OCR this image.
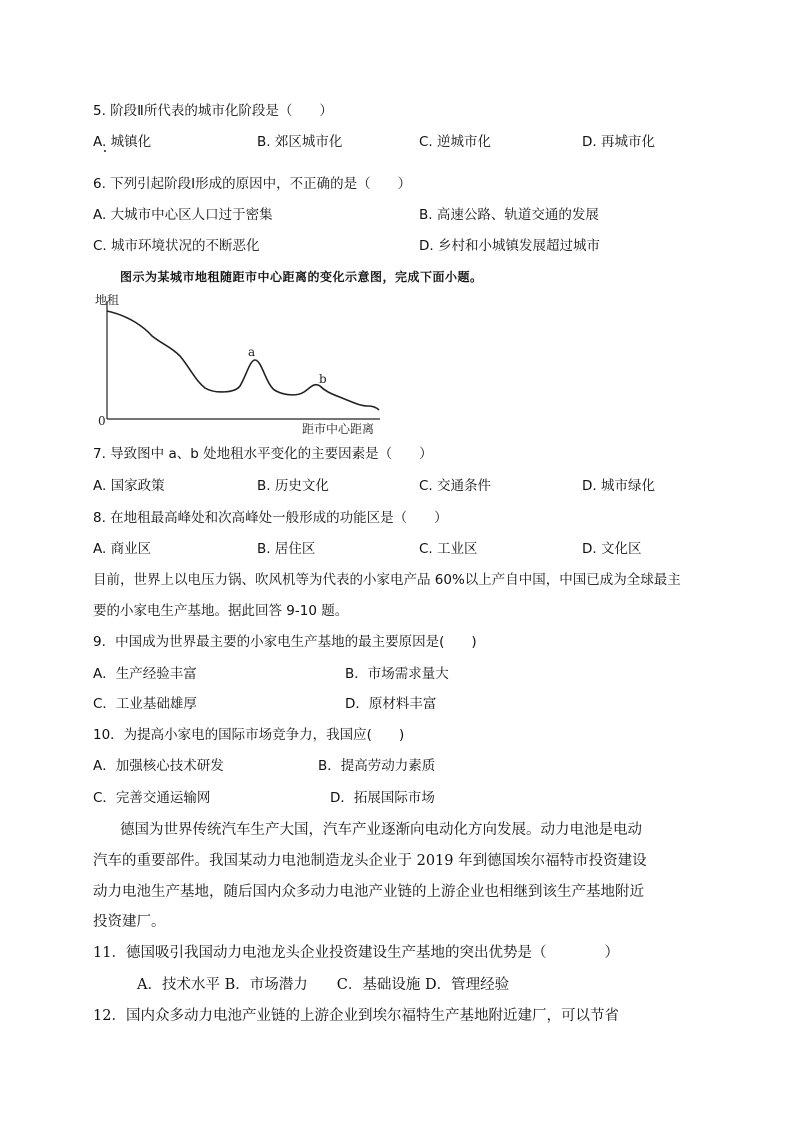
5. 阶段Ⅱ所代表的城市化阶段是（　　）
A. 城镇化	B. 郊区城市化	C. 逆城市化	D. 再城市化
6. 下列引起阶段Ⅰ形成的原因中，不正确的是（　　）
A. 大城市中心区人口过于密集	B. 高速公路、轨道交通的发展
C. 城市环境状况的不断恶化	D. 乡村和小城镇发展超过城市
图示为某城市地租随距市中心距离的变化示意图，完成下面小题。
地租
0
a
b
距市中心距离
7. 导致图中 a、b 处地租水平变化的主要因素是（　　）
A. 国家政策	B. 历史文化	C. 交通条件	D. 城市绿化
8. 在地租最高峰处和次高峰处一般形成的功能区是（　　）
A. 商业区	B. 居住区	C. 工业区	D. 文化区
目前，世界上以电压力锅、吹风机等为代表的小家电产品 60%以上产自中国，中国已成为全球最主
要的小家电生产基地。据此回答 9-10 题。
9．中国成为世界最主要的小家电生产基地的最主要原因是(　　)
A．生产经验丰富	B．市场需求量大
C．工业基础雄厚	D．原材料丰富
10．为提高小家电的国际市场竞争力，我国应(　　)
A．加强核心技术研发	B．提高劳动力素质
C．完善交通运输网	D．拓展国际市场
德国为世界传统汽车生产大国，汽车产业逐渐向电动化方向发展。动力电池是电动
汽车的重要部件。我国某动力电池制造龙头企业于 2019 年到德国埃尔福特市投资建设
动力电池生产基地，随后国内众多动力电池产业链的上游企业也相继到该生产基地附近
投资建厂。
11．德国吸引我国动力电池龙头企业投资建设生产基地的突出优势是（　　　　）
A．技术水平 B．市场潜力　　C．基础设施 D．管理经验
12．国内众多动力电池产业链的上游企业到埃尔福特生产基地附近建厂，可以节省
